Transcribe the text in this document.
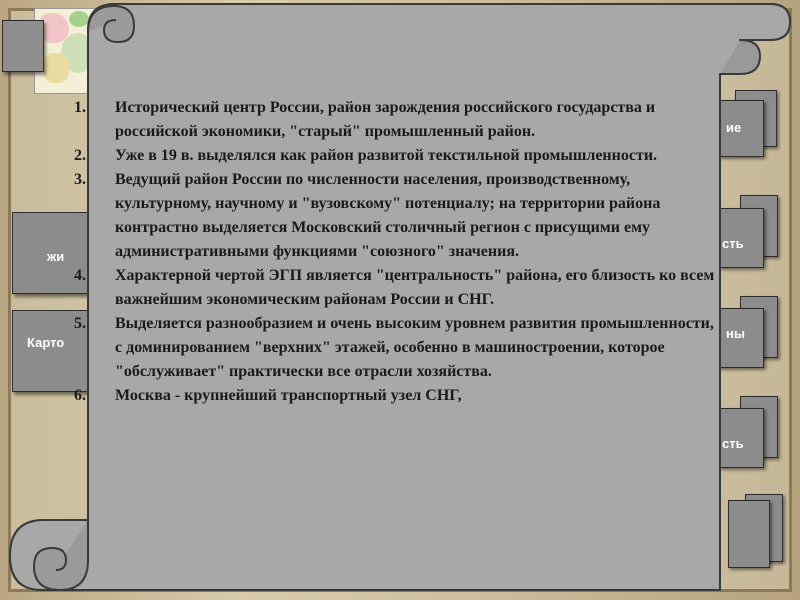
жи
Карто
ие
сть
ны
сть
1. Исторический центр России, район зарождения российского государства и российской экономики, "старый" промышленный район.
2. Уже в 19 в. выделялся как район развитой текстильной промышленности.
3. Ведущий район России по численности населения, производственному, культурному, научному и "вузовскому" потенциалу; на территории района контрастно выделяется Московский столичный регион с присущими ему административными функциями "союзного" значения.
4. Характерной чертой ЭГП является "центральность" района, его близость ко всем важнейшим экономическим районам России и СНГ.
5. Выделяется разнообразием и очень высоким уровнем развития промышленности, с доминированием "верхних" этажей, особенно в машиностроении, которое "обслуживает" практически все отрасли хозяйства.
6. Москва - крупнейший транспортный узел СНГ,
